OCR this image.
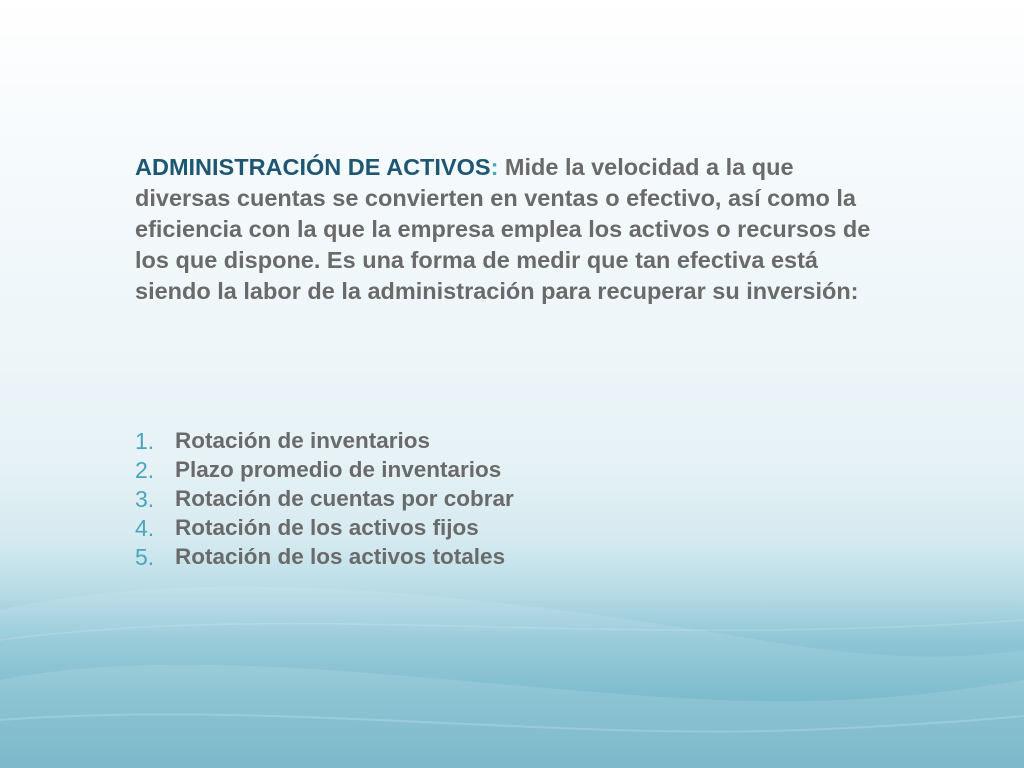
ADMINISTRACIÓN DE ACTIVOS: Mide la velocidad a la que diversas cuentas se convierten en ventas o efectivo, así como la eficiencia con la que la empresa emplea los activos o recursos de los que dispone. Es una forma de medir que tan efectiva está siendo la labor de la administración para recuperar su inversión:

1. Rotación de inventarios
2. Plazo promedio de inventarios
3. Rotación de cuentas por cobrar
4. Rotación de los activos fijos
5. Rotación de los activos totales
